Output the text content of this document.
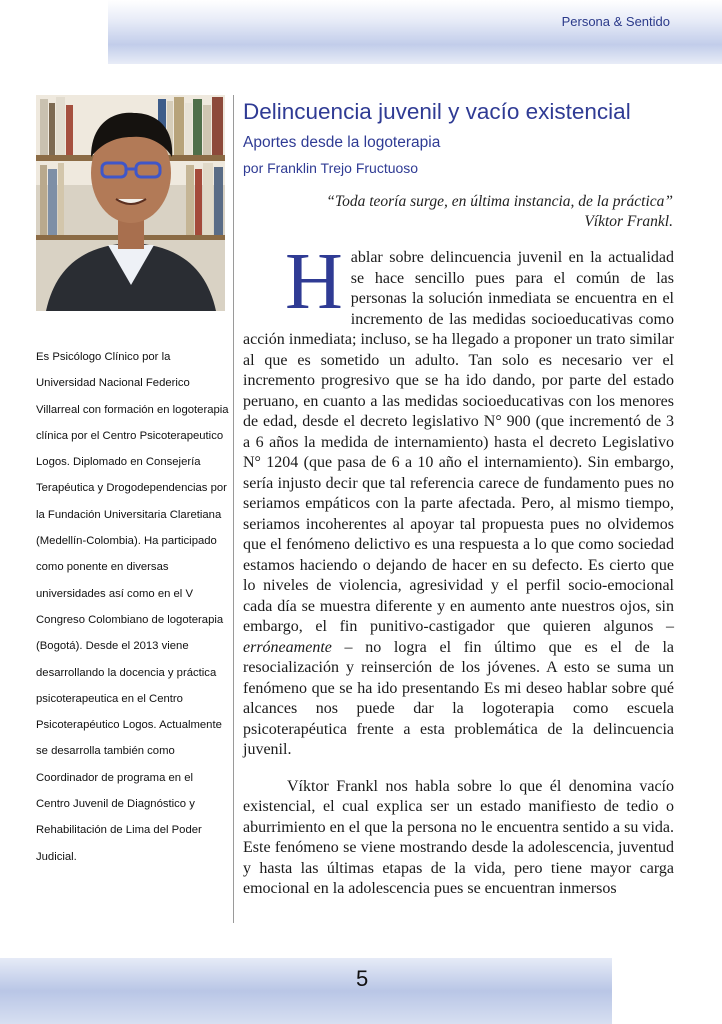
Persona & Sentido
Es Psicólogo Clínico por la Universidad Nacional Federico Villarreal con formación en logoterapia clínica por el Centro Psicoterapeutico Logos. Diplomado en Consejería Terapéutica y Drogodependencias por la Fundación Universitaria Claretiana (Medellín-Colombia). Ha participado como ponente en diversas universidades así como en el V Congreso Colombiano de logoterapia (Bogotá). Desde el 2013 viene desarrollando la docencia y práctica psicoterapeutica en el Centro Psicoterapéutico Logos. Actualmente se desarrolla también como Coordinador de programa en el Centro Juvenil de Diagnóstico y Rehabilitación de Lima del Poder Judicial.
Delincuencia juvenil y vacío existencial
Aportes desde la logoterapia
por Franklin Trejo Fructuoso
“Toda teoría surge, en última instancia, de la práctica”
Víktor Frankl.

Hablar sobre delincuencia juvenil en la actualidad se hace sencillo pues para el común de las personas la solución inmediata se encuentra en el incremento de las medidas socioeducativas como acción inmediata; incluso, se ha llegado a proponer un trato similar al que es sometido un adulto. Tan solo es necesario ver el incremento progresivo que se ha ido dando, por parte del estado peruano, en cuanto a las medidas socioeducativas con los menores de edad, desde el decreto legislativo N° 900 (que incrementó de 3 a 6 años la medida de internamiento) hasta el decreto Legislativo N° 1204 (que pasa de 6 a 10 año el internamiento). Sin embargo, sería injusto decir que tal referencia carece de fundamento pues no seriamos empáticos con la parte afectada. Pero, al mismo tiempo, seriamos incoherentes al apoyar tal propuesta pues no olvidemos que el fenómeno delictivo es una respuesta a lo que como sociedad estamos haciendo o dejando de hacer en su defecto. Es cierto que lo niveles de violencia, agresividad y el perfil socio-emocional cada día se muestra diferente y en aumento ante nuestros ojos, sin embargo, el fin punitivo-castigador que quieren algunos –erróneamente – no logra el fin último que es el de la resocialización y reinserción de los jóvenes. A esto se suma un fenómeno que se ha ido presentando Es mi deseo hablar sobre qué alcances nos puede dar la logoterapia como escuela psicoterapéutica frente a esta problemática de la delincuencia juvenil.

Víktor Frankl nos habla sobre lo que él denomina vacío existencial, el cual explica ser un estado manifiesto de tedio o aburrimiento en el que la persona no le encuentra sentido a su vida. Este fenómeno se viene mostrando desde la adolescencia, juventud y hasta las últimas etapas de la vida, pero tiene mayor carga emocional en la adolescencia pues se encuentran inmersos

5
